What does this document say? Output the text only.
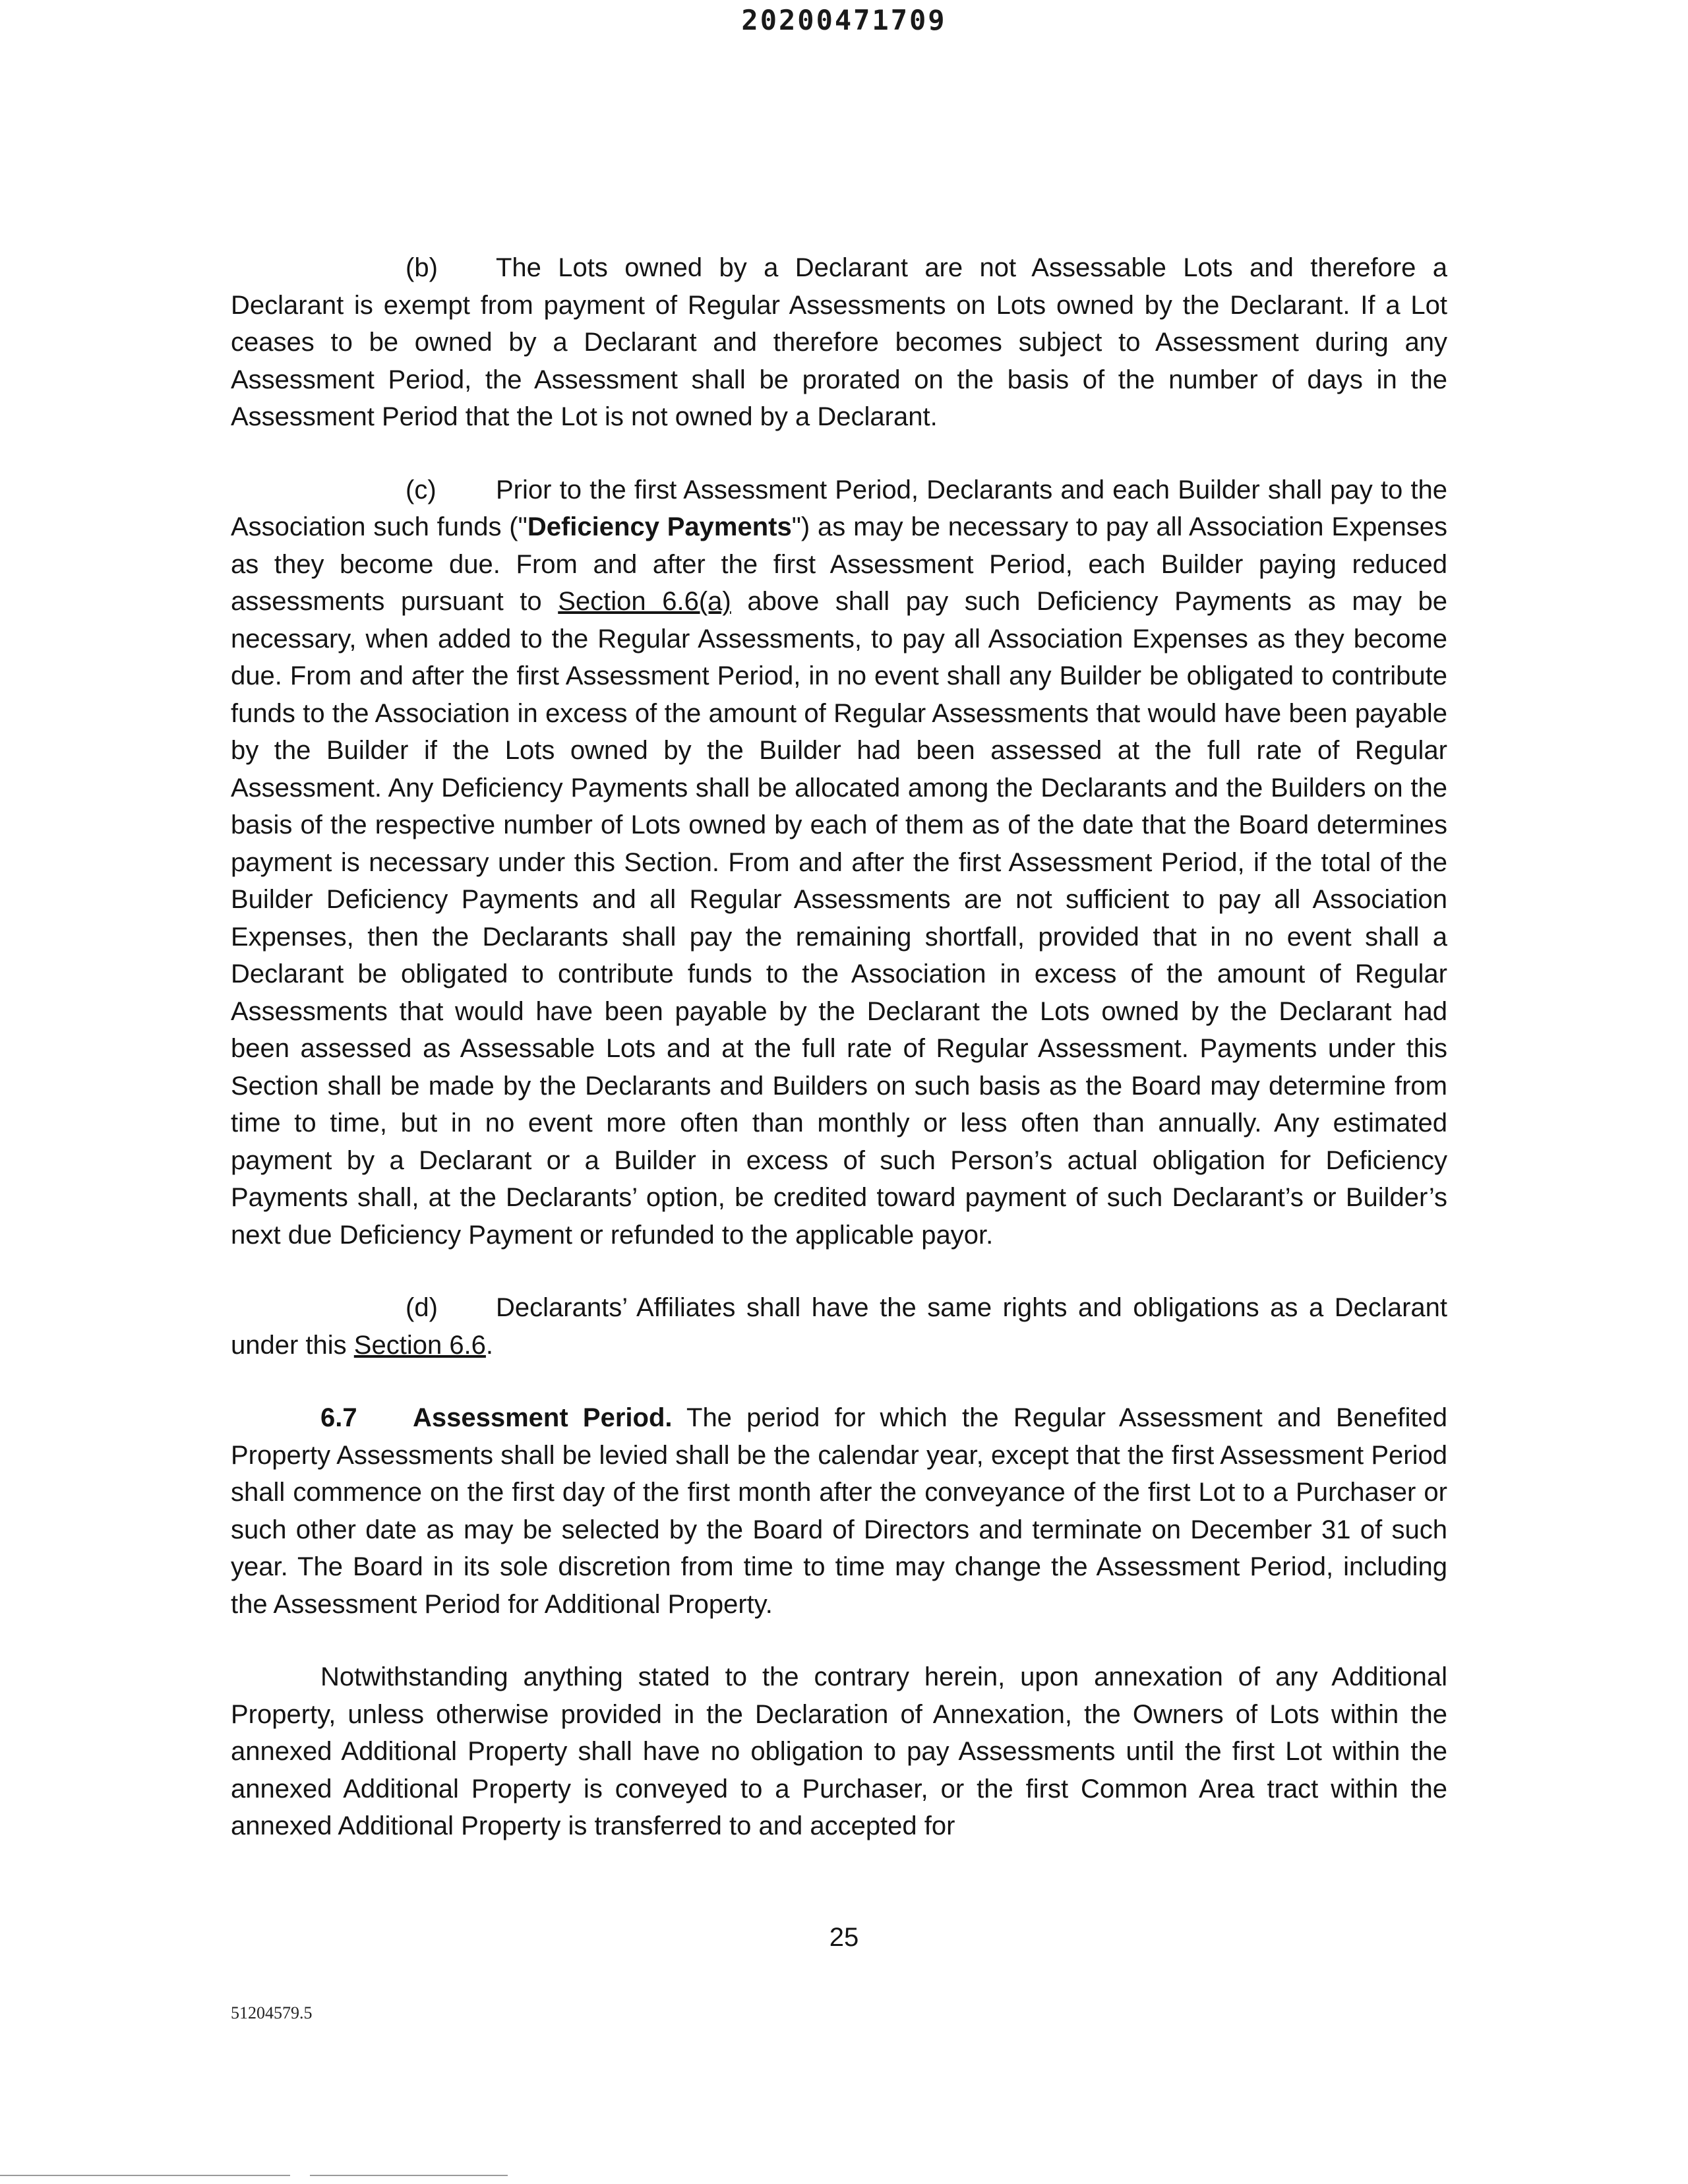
20200471709

(b) The Lots owned by a Declarant are not Assessable Lots and therefore a Declarant is exempt from payment of Regular Assessments on Lots owned by the Declarant. If a Lot ceases to be owned by a Declarant and therefore becomes subject to Assessment during any Assessment Period, the Assessment shall be prorated on the basis of the number of days in the Assessment Period that the Lot is not owned by a Declarant.

(c) Prior to the first Assessment Period, Declarants and each Builder shall pay to the Association such funds ("Deficiency Payments") as may be necessary to pay all Association Expenses as they become due. From and after the first Assessment Period, each Builder paying reduced assessments pursuant to Section 6.6(a) above shall pay such Deficiency Payments as may be necessary, when added to the Regular Assessments, to pay all Association Expenses as they become due. From and after the first Assessment Period, in no event shall any Builder be obligated to contribute funds to the Association in excess of the amount of Regular Assessments that would have been payable by the Builder if the Lots owned by the Builder had been assessed at the full rate of Regular Assessment. Any Deficiency Payments shall be allocated among the Declarants and the Builders on the basis of the respective number of Lots owned by each of them as of the date that the Board determines payment is necessary under this Section. From and after the first Assessment Period, if the total of the Builder Deficiency Payments and all Regular Assessments are not sufficient to pay all Association Expenses, then the Declarants shall pay the remaining shortfall, provided that in no event shall a Declarant be obligated to contribute funds to the Association in excess of the amount of Regular Assessments that would have been payable by the Declarant the Lots owned by the Declarant had been assessed as Assessable Lots and at the full rate of Regular Assessment. Payments under this Section shall be made by the Declarants and Builders on such basis as the Board may determine from time to time, but in no event more often than monthly or less often than annually. Any estimated payment by a Declarant or a Builder in excess of such Person’s actual obligation for Deficiency Payments shall, at the Declarants’ option, be credited toward payment of such Declarant’s or Builder’s next due Deficiency Payment or refunded to the applicable payor.

(d) Declarants’ Affiliates shall have the same rights and obligations as a Declarant under this Section 6.6.

6.7 Assessment Period. The period for which the Regular Assessment and Benefited Property Assessments shall be levied shall be the calendar year, except that the first Assessment Period shall commence on the first day of the first month after the conveyance of the first Lot to a Purchaser or such other date as may be selected by the Board of Directors and terminate on December 31 of such year. The Board in its sole discretion from time to time may change the Assessment Period, including the Assessment Period for Additional Property.

Notwithstanding anything stated to the contrary herein, upon annexation of any Additional Property, unless otherwise provided in the Declaration of Annexation, the Owners of Lots within the annexed Additional Property shall have no obligation to pay Assessments until the first Lot within the annexed Additional Property is conveyed to a Purchaser, or the first Common Area tract within the annexed Additional Property is transferred to and accepted for

25
51204579.5
